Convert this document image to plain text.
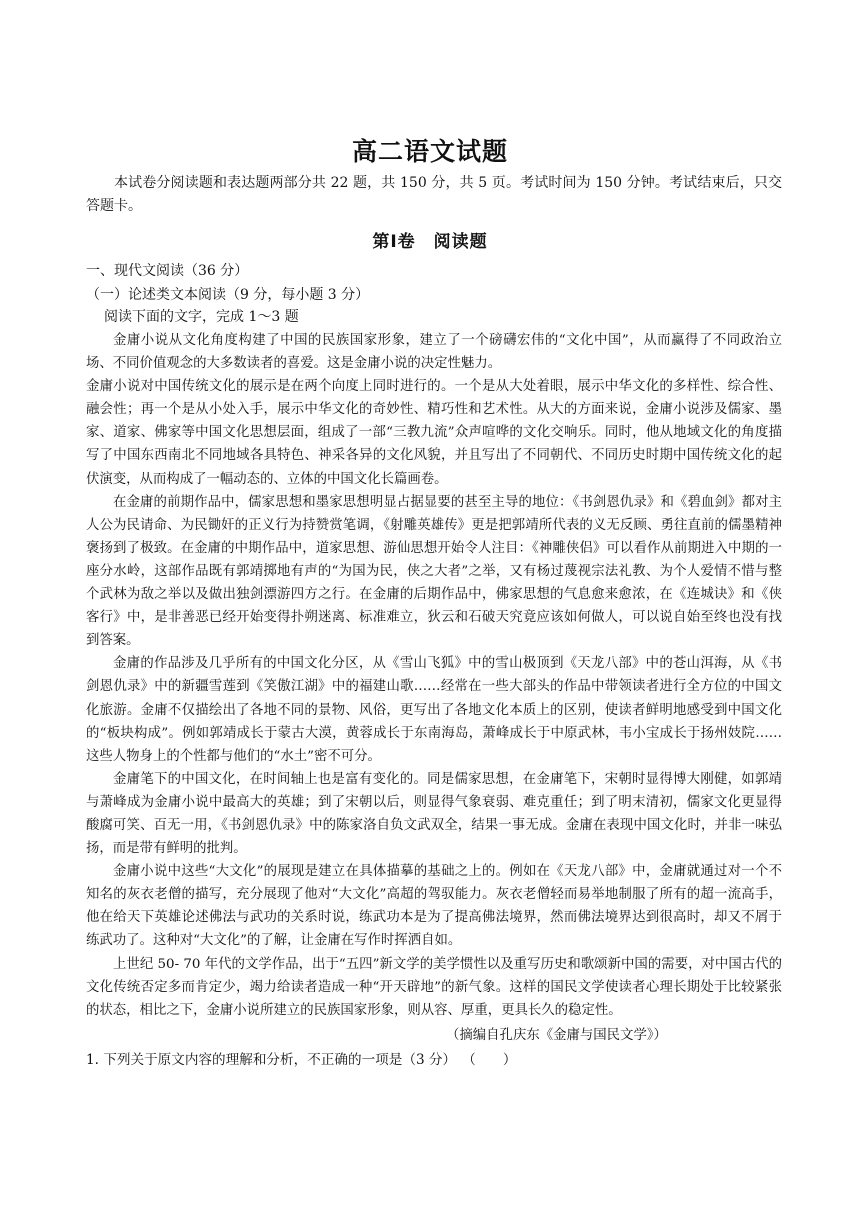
高二语文试题
本试卷分阅读题和表达题两部分共 22 题，共 150 分，共 5 页。考试时间为 150 分钟。考试结束后，只交答题卡。
第Ⅰ卷　阅读题
一、现代文阅读（36 分）
（一）论述类文本阅读（9 分，每小题 3 分）
阅读下面的文字，完成 1～3 题

金庸小说从文化角度构建了中国的民族国家形象，建立了一个磅礴宏伟的“文化中国”，从而赢得了不同政治立场、不同价值观念的大多数读者的喜爱。这是金庸小说的决定性魅力。

金庸小说对中国传统文化的展示是在两个向度上同时进行的。一个是从大处着眼，展示中华文化的多样性、综合性、融会性；再一个是从小处入手，展示中华文化的奇妙性、精巧性和艺术性。从大的方面来说，金庸小说涉及儒家、墨家、道家、佛家等中国文化思想层面，组成了一部“三教九流”众声喧哗的文化交响乐。同时，他从地域文化的角度描写了中国东西南北不同地域各具特色、神采各异的文化风貌，并且写出了不同朝代、不同历史时期中国传统文化的起伏演变，从而构成了一幅动态的、立体的中国文化长篇画卷。

在金庸的前期作品中，儒家思想和墨家思想明显占据显要的甚至主导的地位：《书剑恩仇录》和《碧血剑》都对主人公为民请命、为民锄奸的正义行为持赞赏笔调，《射雕英雄传》更是把郭靖所代表的义无反顾、勇往直前的儒墨精神褒扬到了极致。在金庸的中期作品中，道家思想、游仙思想开始令人注目：《神雕侠侣》可以看作从前期进入中期的一座分水岭，这部作品既有郭靖掷地有声的“为国为民，侠之大者”之举，又有杨过蔑视宗法礼教、为个人爱情不惜与整个武林为敌之举以及做出独剑漂游四方之行。在金庸的后期作品中，佛家思想的气息愈来愈浓，在《连城诀》和《侠客行》中，是非善恶已经开始变得扑朔迷离、标准难立，狄云和石破天究竟应该如何做人，可以说自始至终也没有找到答案。

金庸的作品涉及几乎所有的中国文化分区，从《雪山飞狐》中的雪山极顶到《天龙八部》中的苍山洱海，从《书剑恩仇录》中的新疆雪莲到《笑傲江湖》中的福建山歌……经常在一些大部头的作品中带领读者进行全方位的中国文化旅游。金庸不仅描绘出了各地不同的景物、风俗，更写出了各地文化本质上的区别，使读者鲜明地感受到中国文化的“板块构成”。例如郭靖成长于蒙古大漠，黄蓉成长于东南海岛，萧峰成长于中原武林，韦小宝成长于扬州妓院……这些人物身上的个性都与他们的“水土”密不可分。

金庸笔下的中国文化，在时间轴上也是富有变化的。同是儒家思想，在金庸笔下，宋朝时显得博大刚健，如郭靖与萧峰成为金庸小说中最高大的英雄；到了宋朝以后，则显得气象衰弱、难克重任；到了明末清初，儒家文化更显得酸腐可笑、百无一用，《书剑恩仇录》中的陈家洛自负文武双全，结果一事无成。金庸在表现中国文化时，并非一味弘扬，而是带有鲜明的批判。

金庸小说中这些“大文化”的展现是建立在具体描摹的基础之上的。例如在《天龙八部》中，金庸就通过对一个不知名的灰衣老僧的描写，充分展现了他对“大文化”高超的驾驭能力。灰衣老僧轻而易举地制服了所有的超一流高手，他在给天下英雄论述佛法与武功的关系时说，练武功本是为了提高佛法境界，然而佛法境界达到很高时，却又不屑于练武功了。这种对“大文化”的了解，让金庸在写作时挥洒自如。

上世纪 50- 70 年代的文学作品，出于“五四”新文学的美学惯性以及重写历史和歌颂新中国的需要，对中国古代的文化传统否定多而肯定少，竭力给读者造成一种“开天辟地”的新气象。这样的国民文学使读者心理长期处于比较紧张的状态，相比之下，金庸小说所建立的民族国家形象，则从容、厚重，更具长久的稳定性。

（摘编自孔庆东《金庸与国民文学》）
1. 下列关于原文内容的理解和分析，不正确的一项是（3 分） （　　）
